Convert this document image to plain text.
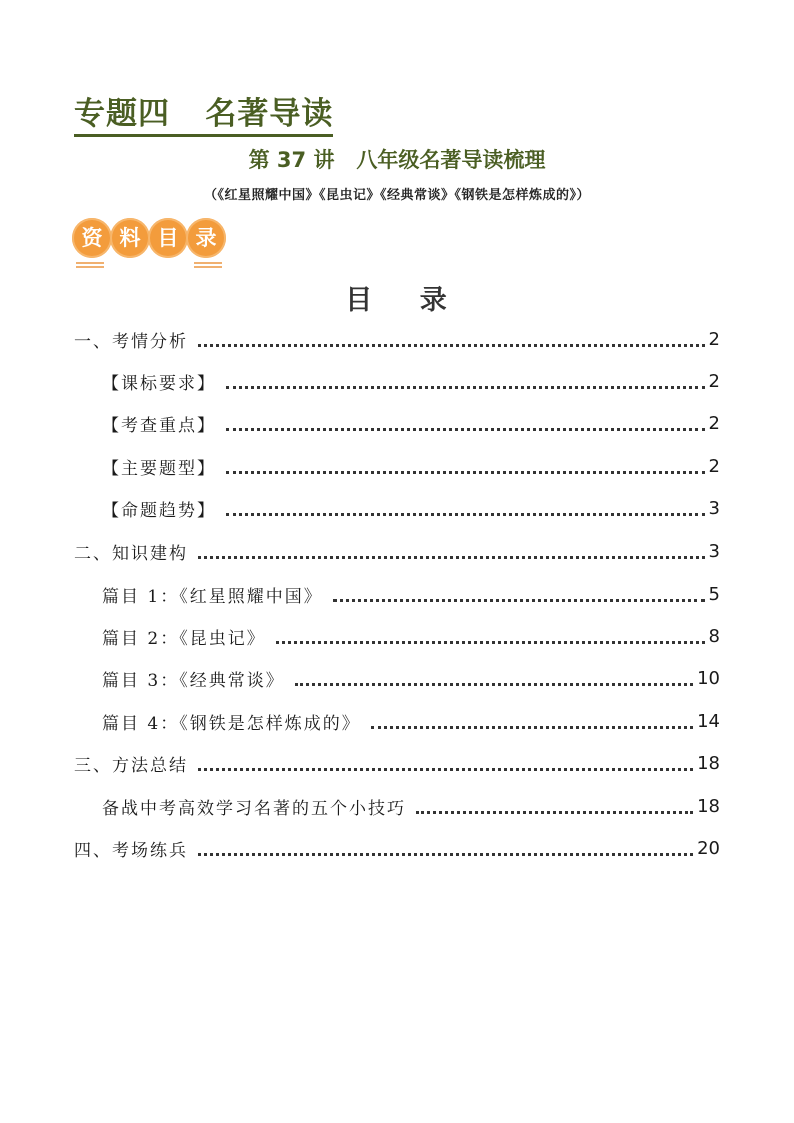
专题四   名著导读
第 37 讲   八年级名著导读梳理
（《红星照耀中国》《昆虫记》《经典常谈》《钢铁是怎样炼成的》）
资 料 目 录
目    录
一、考情分析	2
【课标要求】	2
【考查重点】	2
【主要题型】	2
【命题趋势】	3
二、知识建构	3
篇目 1：《红星照耀中国》	5
篇目 2：《昆虫记》	8
篇目 3：《经典常谈》	10
篇目 4：《钢铁是怎样炼成的》	14
三、方法总结	18
备战中考高效学习名著的五个小技巧	18
四、考场练兵	20
